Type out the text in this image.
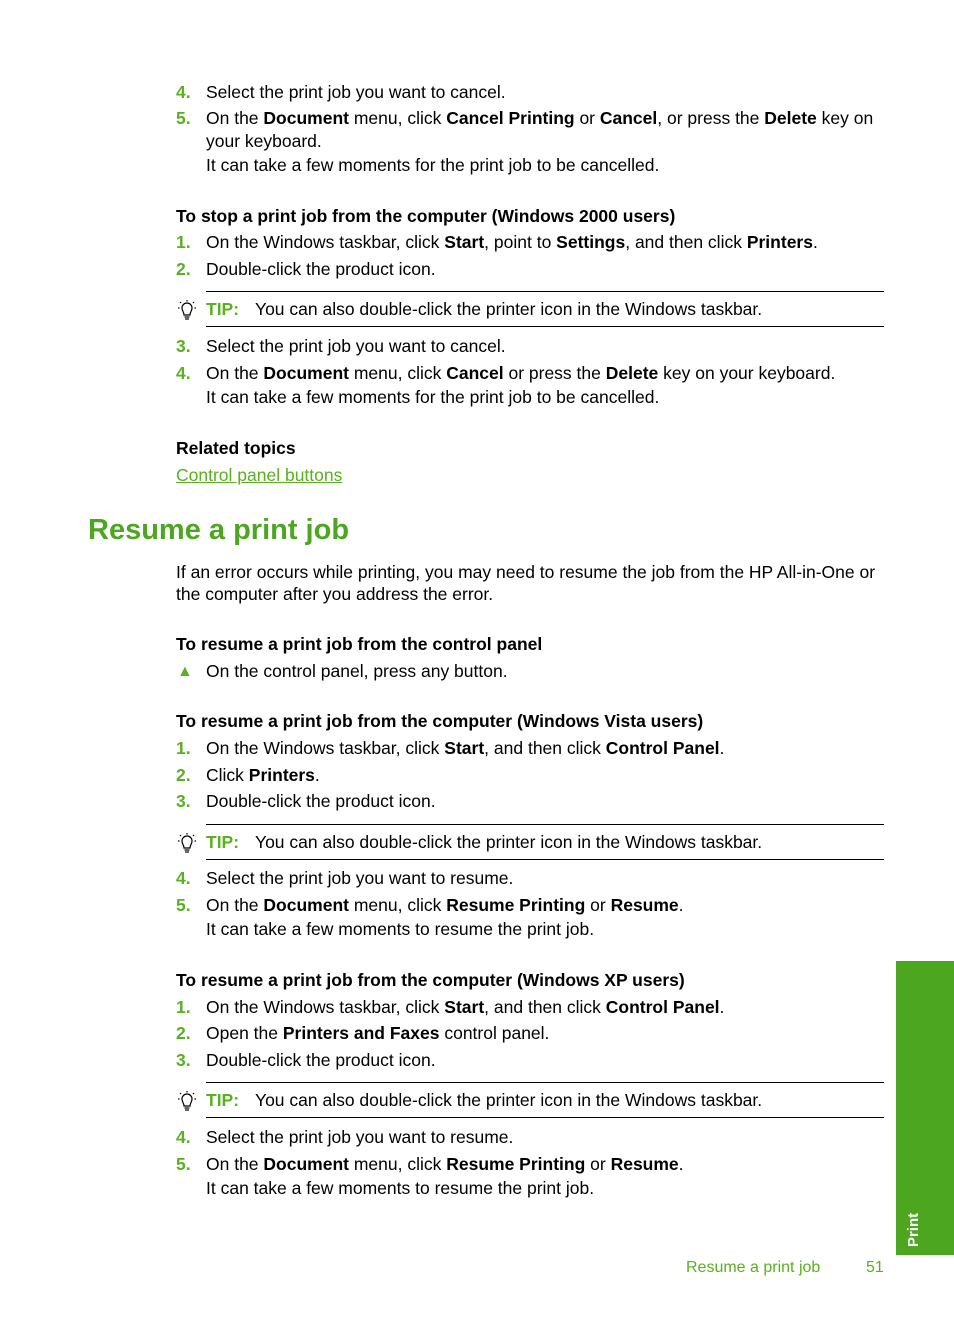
4. Select the print job you want to cancel.
5. On the Document menu, click Cancel Printing or Cancel, or press the Delete key on your keyboard.
It can take a few moments for the print job to be cancelled.
To stop a print job from the computer (Windows 2000 users)
1. On the Windows taskbar, click Start, point to Settings, and then click Printers.
2. Double-click the product icon.
TIP: You can also double-click the printer icon in the Windows taskbar.
3. Select the print job you want to cancel.
4. On the Document menu, click Cancel or press the Delete key on your keyboard.
It can take a few moments for the print job to be cancelled.
Related topics
Control panel buttons
If an error occurs while printing, you may need to resume the job from the HP All-in-One or the computer after you address the error.
To resume a print job from the control panel
▲ On the control panel, press any button.
To resume a print job from the computer (Windows Vista users)
1. On the Windows taskbar, click Start, and then click Control Panel.
2. Click Printers.
3. Double-click the product icon.
TIP: You can also double-click the printer icon in the Windows taskbar.
4. Select the print job you want to resume.
5. On the Document menu, click Resume Printing or Resume.
It can take a few moments to resume the print job.
To resume a print job from the computer (Windows XP users)
1. On the Windows taskbar, click Start, and then click Control Panel.
2. Open the Printers and Faxes control panel.
3. Double-click the product icon.
TIP: You can also double-click the printer icon in the Windows taskbar.
4. Select the print job you want to resume.
5. On the Document menu, click Resume Printing or Resume.
It can take a few moments to resume the print job.
Resume a print job
Print
Resume a print job	51
